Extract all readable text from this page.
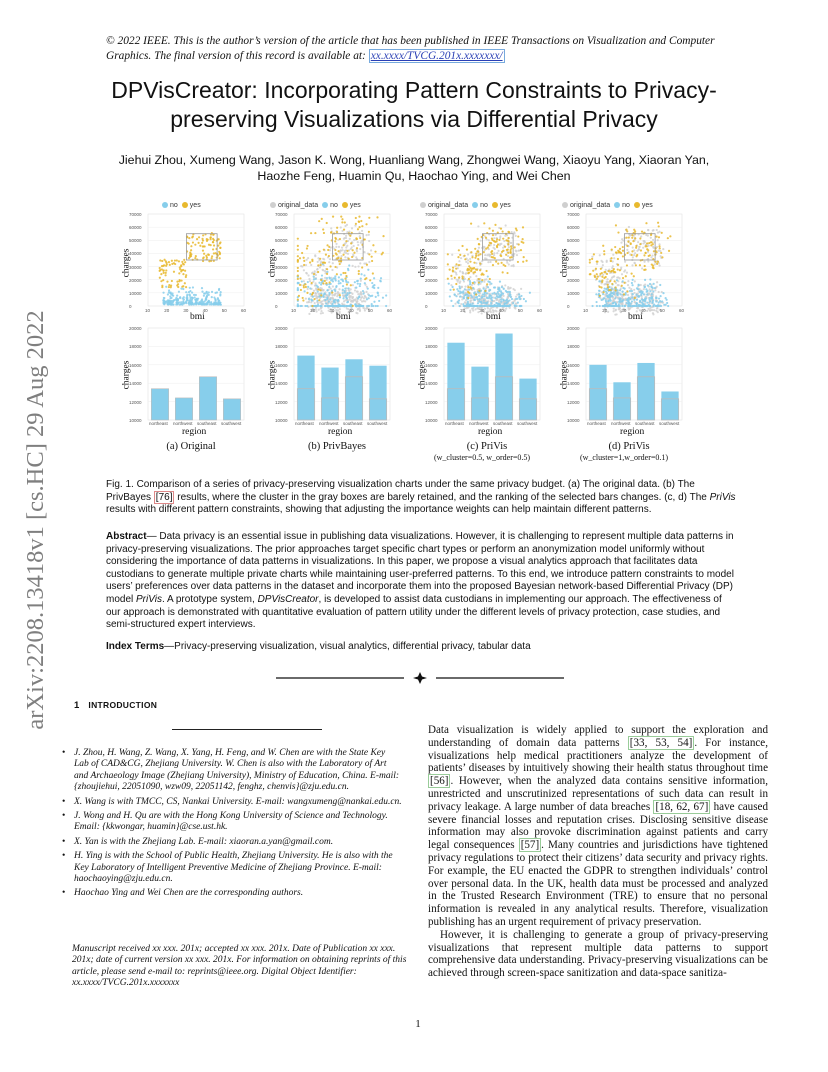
© 2022 IEEE. This is the author’s version of the article that has been published in IEEE Transactions on Visualization and Computer Graphics. The final version of this record is available at: xx.xxxx/TVCG.201x.xxxxxxx/
DPVisCreator: Incorporating Pattern Constraints to Privacy-preserving Visualizations via Differential Privacy
Jiehui Zhou, Xumeng Wang, Jason K. Wong, Huanliang Wang, Zhongwei Wang, Xiaoyu Yang, Xiaoran Yan, Haozhe Feng, Huamin Qu, Haochao Ying, and Wei Chen
arXiv:2208.13418v1 [cs.HC] 29 Aug 2022
no yes
70000
60000
50000
40000
30000
20000
10000
0
10	20	30	40	50	60
charges
bmi
20000
18000
16000
14000
12000
10000
northeast northwest southeast southwest
charges
region
(a) Original
original_data no yes
70000
60000
50000
40000
30000
20000
10000
0
10	20	30	40	50	60
charges
bmi
20000
18000
16000
14000
12000
10000
northeast northwest southeast southwest
charges
region
(b) PrivBayes
original_data no yes
70000
60000
50000
40000
30000
20000
10000
0
10	20	30	40	50	60
charges
bmi
20000
18000
16000
14000
12000
10000
northeast northwest southeast southwest
charges
region
(c) PriVis
(w_cluster=0.5, w_order=0.5)
original_data no yes
70000
60000
50000
40000
30000
20000
10000
0
10	20	30	40	50	60
charges
bmi
20000
18000
16000
14000
12000
10000
northeast northwest southeast southwest
charges
region
(d) PriVis
(w_cluster=1,w_order=0.1)
Fig. 1. Comparison of a series of privacy-preserving visualization charts under the same privacy budget. (a) The original data. (b) The PrivBayes [76] results, where the cluster in the gray boxes are barely retained, and the ranking of the selected bars changes. (c, d) The PriVis results with different pattern constraints, showing that adjusting the importance weights can help maintain different patterns.
Abstract— Data privacy is an essential issue in publishing data visualizations. However, it is challenging to represent multiple data patterns in privacy-preserving visualizations. The prior approaches target specific chart types or perform an anonymization model uniformly without considering the importance of data patterns in visualizations. In this paper, we propose a visual analytics approach that facilitates data custodians to generate multiple private charts while maintaining user-preferred patterns. To this end, we introduce pattern constraints to model users’ preferences over data patterns in the dataset and incorporate them into the proposed Bayesian network-based Differential Privacy (DP) model PriVis. A prototype system, DPVisCreator, is developed to assist data custodians in implementing our approach. The effectiveness of our approach is demonstrated with quantitative evaluation of pattern utility under the different levels of privacy protection, case studies, and semi-structured expert interviews.
Index Terms—Privacy-preserving visualization, visual analytics, differential privacy, tabular data
1 INTRODUCTION
• J. Zhou, H. Wang, Z. Wang, X. Yang, H. Feng, and W. Chen are with the State Key Lab of CAD&CG, Zhejiang University. W. Chen is also with the Laboratory of Art and Archaeology Image (Zhejiang University), Ministry of Education, China. E-mail: {zhoujiehui, 22051090, wzw09, 22051142, fenghz, chenvis}@zju.edu.cn.
• X. Wang is with TMCC, CS, Nankai University. E-mail: wangxumeng@nankai.edu.cn.
• J. Wong and H. Qu are with the Hong Kong University of Science and Technology. Email: {kkwongar, huamin}@cse.ust.hk.
• X. Yan is with the Zhejiang Lab. E-mail: xiaoran.a.yan@gmail.com.
• H. Ying is with the School of Public Health, Zhejiang University. He is also with the Key Laboratory of Intelligent Preventive Medicine of Zhejiang Province. E-mail: haochaoying@zju.edu.cn.
• Haochao Ying and Wei Chen are the corresponding authors.
Manuscript received xx xxx. 201x; accepted xx xxx. 201x. Date of Publication xx xxx. 201x; date of current version xx xxx. 201x. For information on obtaining reprints of this article, please send e-mail to: reprints@ieee.org. Digital Object Identifier: xx.xxxx/TVCG.201x.xxxxxxx

Data visualization is widely applied to support the exploration and understanding of domain data patterns [33, 53, 54] . For instance, visualizations help medical practitioners analyze the development of patients’ diseases by intuitively showing their health status throughout time [56] . However, when the analyzed data contains sensitive information, unrestricted and unscrutinized representations of such data can result in privacy leakage. A large number of data breaches [18, 62, 67] have caused severe financial losses and reputation crises. Disclosing sensitive disease information may also provoke discrimination against patients and carry legal consequences [57] . Many countries and jurisdictions have tightened privacy regulations to protect their citizens’ data security and privacy rights. For example, the EU enacted the GDPR to strengthen individuals’ control over personal data. In the UK, health data must be processed and analyzed in the Trusted Research Environment (TRE) to ensure that no personal information is revealed in any analytical results. Therefore, visualization publishing has an urgent requirement of privacy preservation.

However, it is challenging to generate a group of privacy-preserving visualizations that represent multiple data patterns to support comprehensive data understanding. Privacy-preserving visualizations can be achieved through screen-space sanitization and data-space sanitiza-

1
